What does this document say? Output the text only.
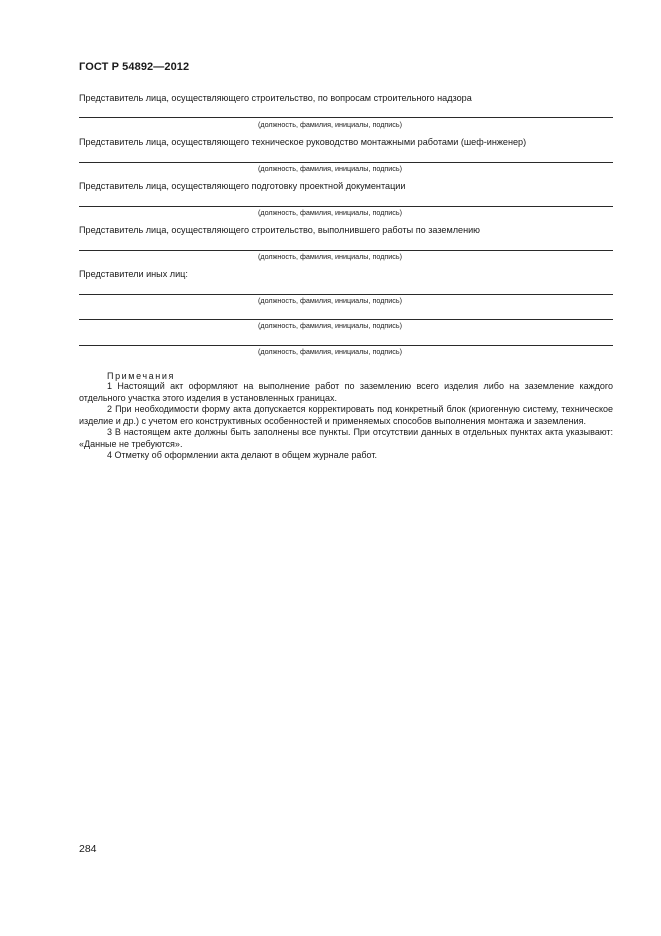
ГОСТ Р 54892—2012
Представитель лица, осуществляющего строительство, по вопросам строительного надзора
(должность, фамилия, инициалы, подпись)
Представитель лица, осуществляющего техническое руководство монтажными работами (шеф-инженер)
(должность, фамилия, инициалы, подпись)
Представитель лица, осуществляющего подготовку проектной документации
(должность, фамилия, инициалы, подпись)
Представитель лица, осуществляющего строительство, выполнившего работы по заземлению
(должность, фамилия, инициалы, подпись)
Представители иных лиц:
(должность, фамилия, инициалы, подпись)
(должность, фамилия, инициалы, подпись)
(должность, фамилия, инициалы, подпись)
Примечания

1 Настоящий акт оформляют на выполнение работ по заземлению всего изделия либо на заземление каждого отдельного участка этого изделия в установленных границах.

2 При необходимости форму акта допускается корректировать под конкретный блок (криогенную систему, техническое изделие и др.) с учетом его конструктивных особенностей и применяемых способов выполнения монтажа и заземления.

3 В настоящем акте должны быть заполнены все пункты. При отсутствии данных в отдельных пунктах акта указывают: «Данные не требуются».

4 Отметку об оформлении акта делают в общем журнале работ.

284
